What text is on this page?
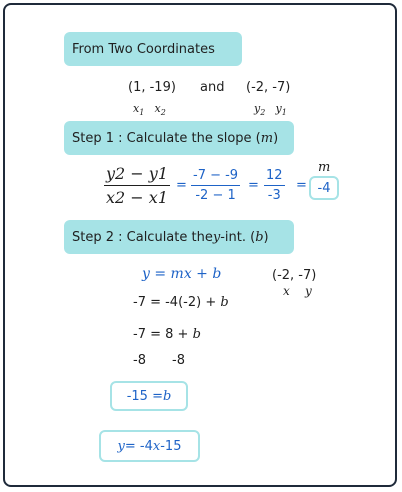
From Two Coordinates
(1, -19)
$x_1$ $x_2$
and (-2, -7)
$y_2$ $y_1$
Step 1 : Calculate the slope ( m )
y2 − y1
x2 − x1
=
-7 − -9
-2 − 1
=
12
-3
=
m
-4
Step 2 : Calculate the y -int. ( b )
y = mx + b	(-2, -7)
x y
-7 = -4(-2) + b
-7 = 8 + b
-8 -8
-15 = b
y = -4 x -15
